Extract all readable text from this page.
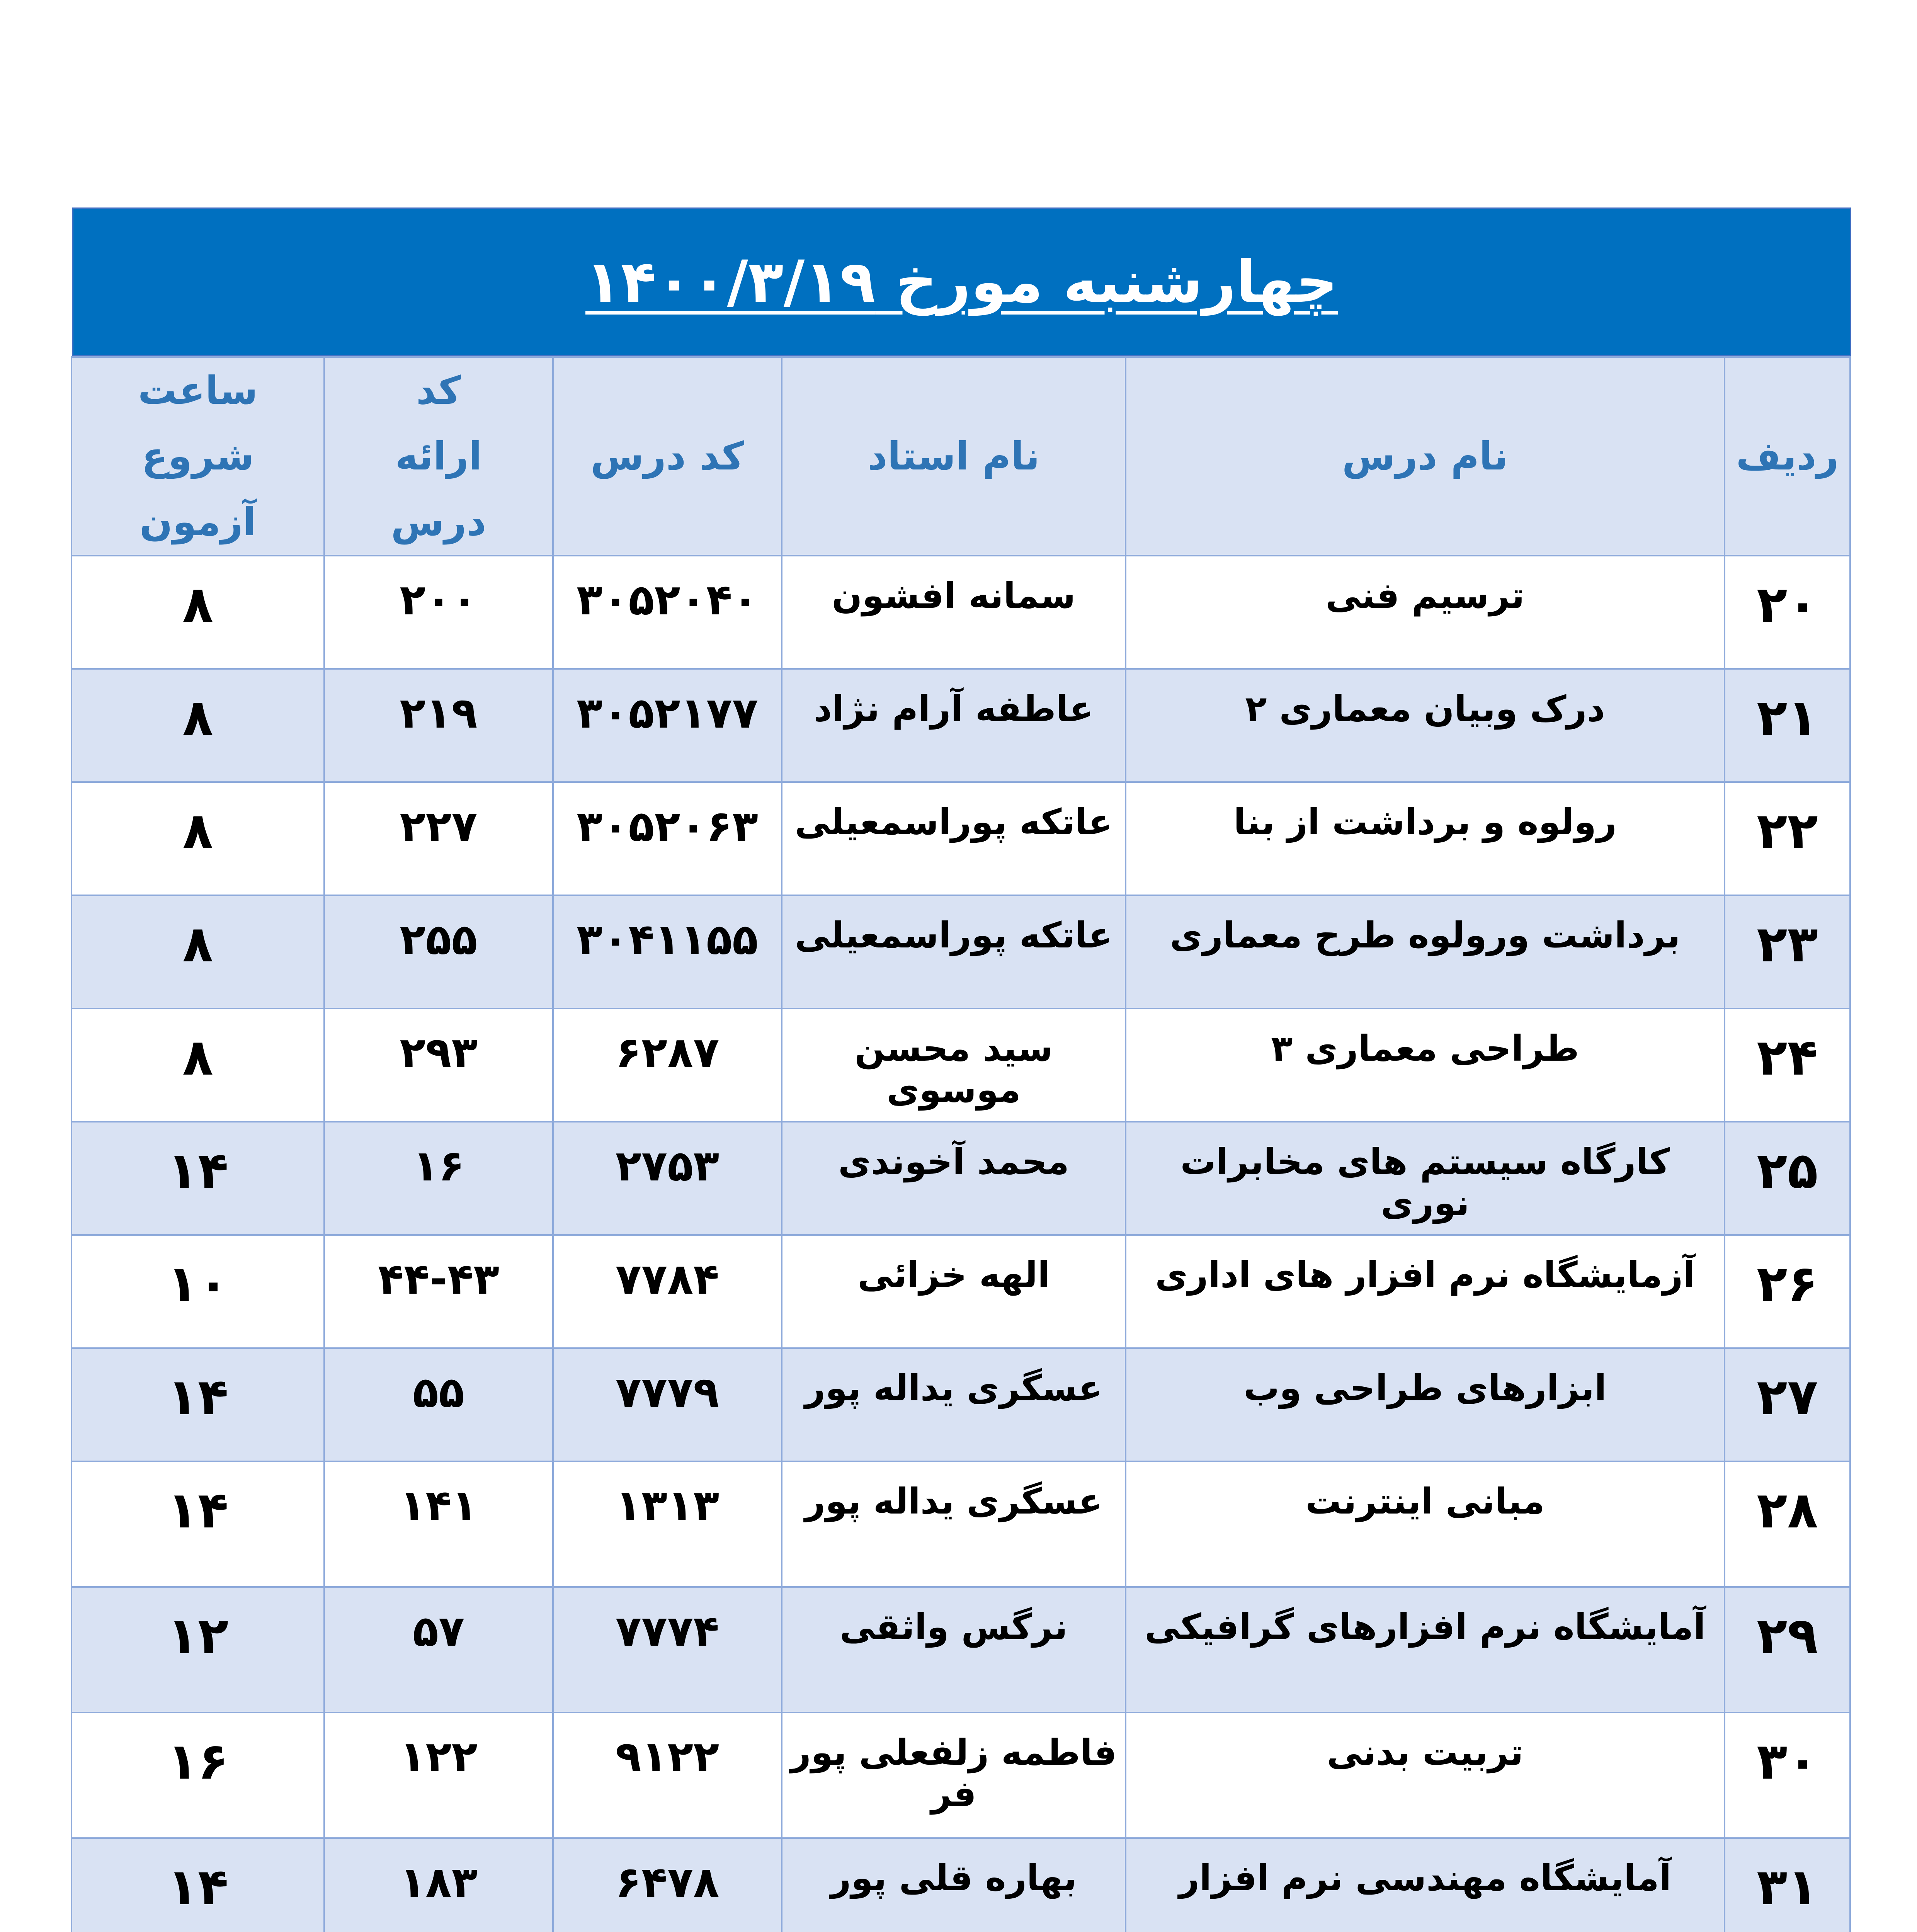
چهارشنبه مورخ ۱۴۰۰/۳/۱۹
ردیف	نام درس	نام استاد	کد درس	کد ارائه درس	ساعت شروع آزمون

۲۰	ترسیم فنی	سمانه افشون	۳۰۵۲۰۴۰	۲۰۰	۸
۲۱	درک وبیان معماری ۲	عاطفه آرام نژاد	۳۰۵۲۱۷۷	۲۱۹	۸
۲۲	رولوه و برداشت از بنا	عاتکه پوراسمعیلی	۳۰۵۲۰۶۳	۲۲۷	۸
۲۳	برداشت ورولوه طرح معماری	عاتکه پوراسمعیلی	۳۰۴۱۱۵۵	۲۵۵	۸
۲۴	طراحی معماری ۳	سید محسن موسوی	۶۲۸۷	۲۹۳	۸
۲۵	کارگاه سیستم های مخابرات نوری	محمد آخوندی	۲۷۵۳	۱۶	۱۴
۲۶	آزمایشگاه نرم افزار های اداری	الهه خزائی	۷۷۸۴	۴۴-۴۳	۱۰
۲۷	ابزارهای طراحی وب	عسگری یداله پور	۷۷۷۹	۵۵	۱۴
۲۸	مبانی اینترنت	عسگری یداله پور	۱۳۱۳	۱۴۱	۱۴
۲۹	آمایشگاه نرم افزارهای گرافیکی	نرگس واثقی	۷۷۷۴	۵۷	۱۲
۳۰	تربیت بدنی	فاطمه زلفعلی پور فر	۹۱۲۲	۱۲۲	۱۶
۳۱	آمایشگاه مهندسی نرم افزار	بهاره قلی پور	۶۴۷۸	۱۸۳	۱۴
